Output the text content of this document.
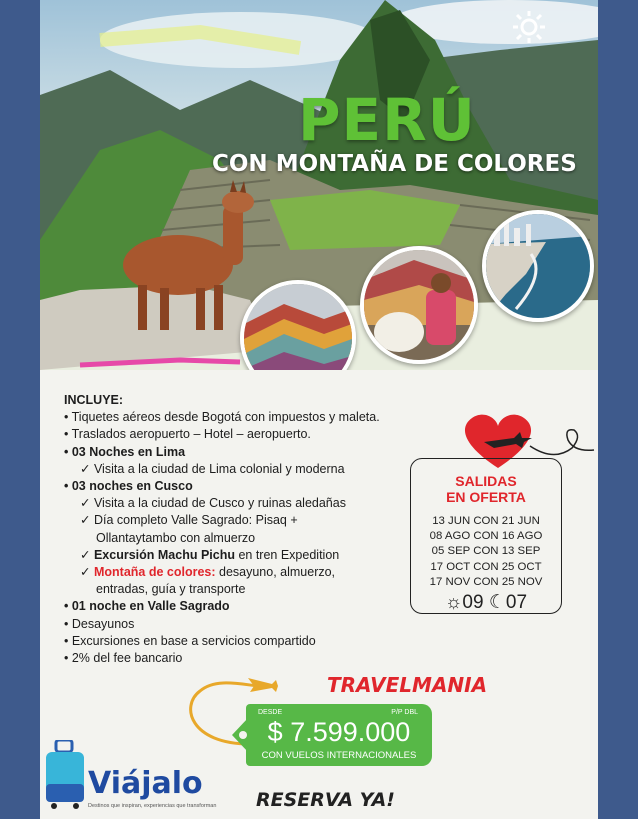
PERÚ
CON MONTAÑA DE COLORES
INCLUYE:
• Tiquetes aéreos desde Bogotá con impuestos y maleta.
• Traslados aeropuerto – Hotel – aeropuerto.
• 03 Noches en Lima
✓ Visita a la ciudad de Lima colonial y moderna
• 03 noches en Cusco
✓ Visita a la ciudad de Cusco y ruinas aledañas
✓ Día completo Valle Sagrado: Pisaq +
Ollantaytambo con almuerzo
✓ Excursión Machu Pichu en tren Expedition
✓ Montaña de colores: desayuno, almuerzo,
entradas, guía y transporte
• 01 noche en Valle Sagrado
• Desayunos
• Excursiones en base a servicios compartido
• 2% del fee bancario
SALIDAS
EN OFERTA
13 JUN CON 21 JUN
08 AGO CON 16 AGO
05 SEP CON 13 SEP
17 OCT CON 25 OCT
17 NOV CON 25 NOV
☼09 ☾07
TRAVELMANIA
DESDE	P/P DBL
$ 7.599.000
CON VUELOS INTERNACIONALES
Viájalo
Destinos que inspiran, experiencias que transforman RESERVA YA!
